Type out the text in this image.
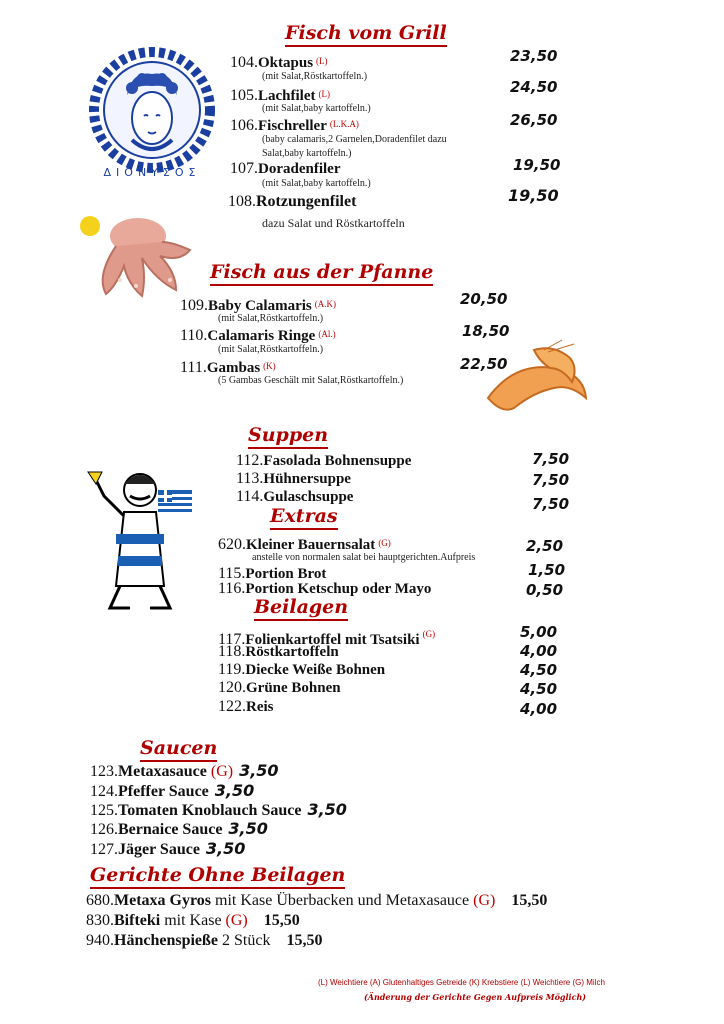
ΔΙΟΝΥΣΟΣ
Fisch vom Grill
104.Oktapus $^{(L)}$
(mit Salat,Röstkartoffeln.)
23,50
105.Lachfilet $^{(L)}$
(mit Salat,baby kartoffeln.)
24,50
106.Fischreller $^{(L.K.A)}$
(baby calamaris,2 Garnelen,Doradenfilet dazu
Salat,baby kartoffeln.)
26,50
107.Doradenfiler
(mit Salat,baby kartoffeln.)
19,50
108.Rotzungenfilet
dazu Salat und Röstkartoffeln
19,50
Fisch aus der Pfanne
109.Baby Calamaris $^{(A.K)}$
(mit Salat,Röstkartoffeln.)
20,50
110.Calamaris Ringe $^{(Al.)}$
(mit Salat,Röstkartoffeln.)
18,50
111.Gambas $^{(K)}$
(5 Gambas Geschält mit Salat,Röstkartoffeln.)
22,50
Suppen
112.Fasolada Bohnensuppe	7,50
113.Hühnersuppe	7,50
114.Gulaschsuppe	7,50
Extras
620.Kleiner Bauernsalat $^{(G)}$
anstelle von normalen salat bei hauptgerichten.Aufpreis
2,50
115.Portion Brot	1,50
116.Portion Ketschup oder Mayo	0,50
Beilagen
117.Folienkartoffel mit Tsatsiki $^{(G)}$	5,00
118.Röstkartoffeln	4,00
119.Diecke Weiße Bohnen	4,50
120.Grüne Bohnen	4,50
122.Reis	4,00
Saucen
123.Metaxasauce (G) 3,50
124.Pfeffer Sauce 3,50
125.Tomaten Knoblauch Sauce 3,50
126.Bernaice Sauce 3,50
127.Jäger Sauce 3,50
Gerichte Ohne Beilagen
680.Metaxa Gyros mit Kase Überbacken und Metaxasauce (G) 15,50
830.Bifteki mit Kase (G) 15,50
940.Hänchenspieße 2 Stück 15,50
(L) Weichtiere (A) Glutenhaltiges Getreide (K) Krebstiere (L) Weichtiere (G) Milch
(Änderung der Gerichte Gegen Aufpreis Möglich)
